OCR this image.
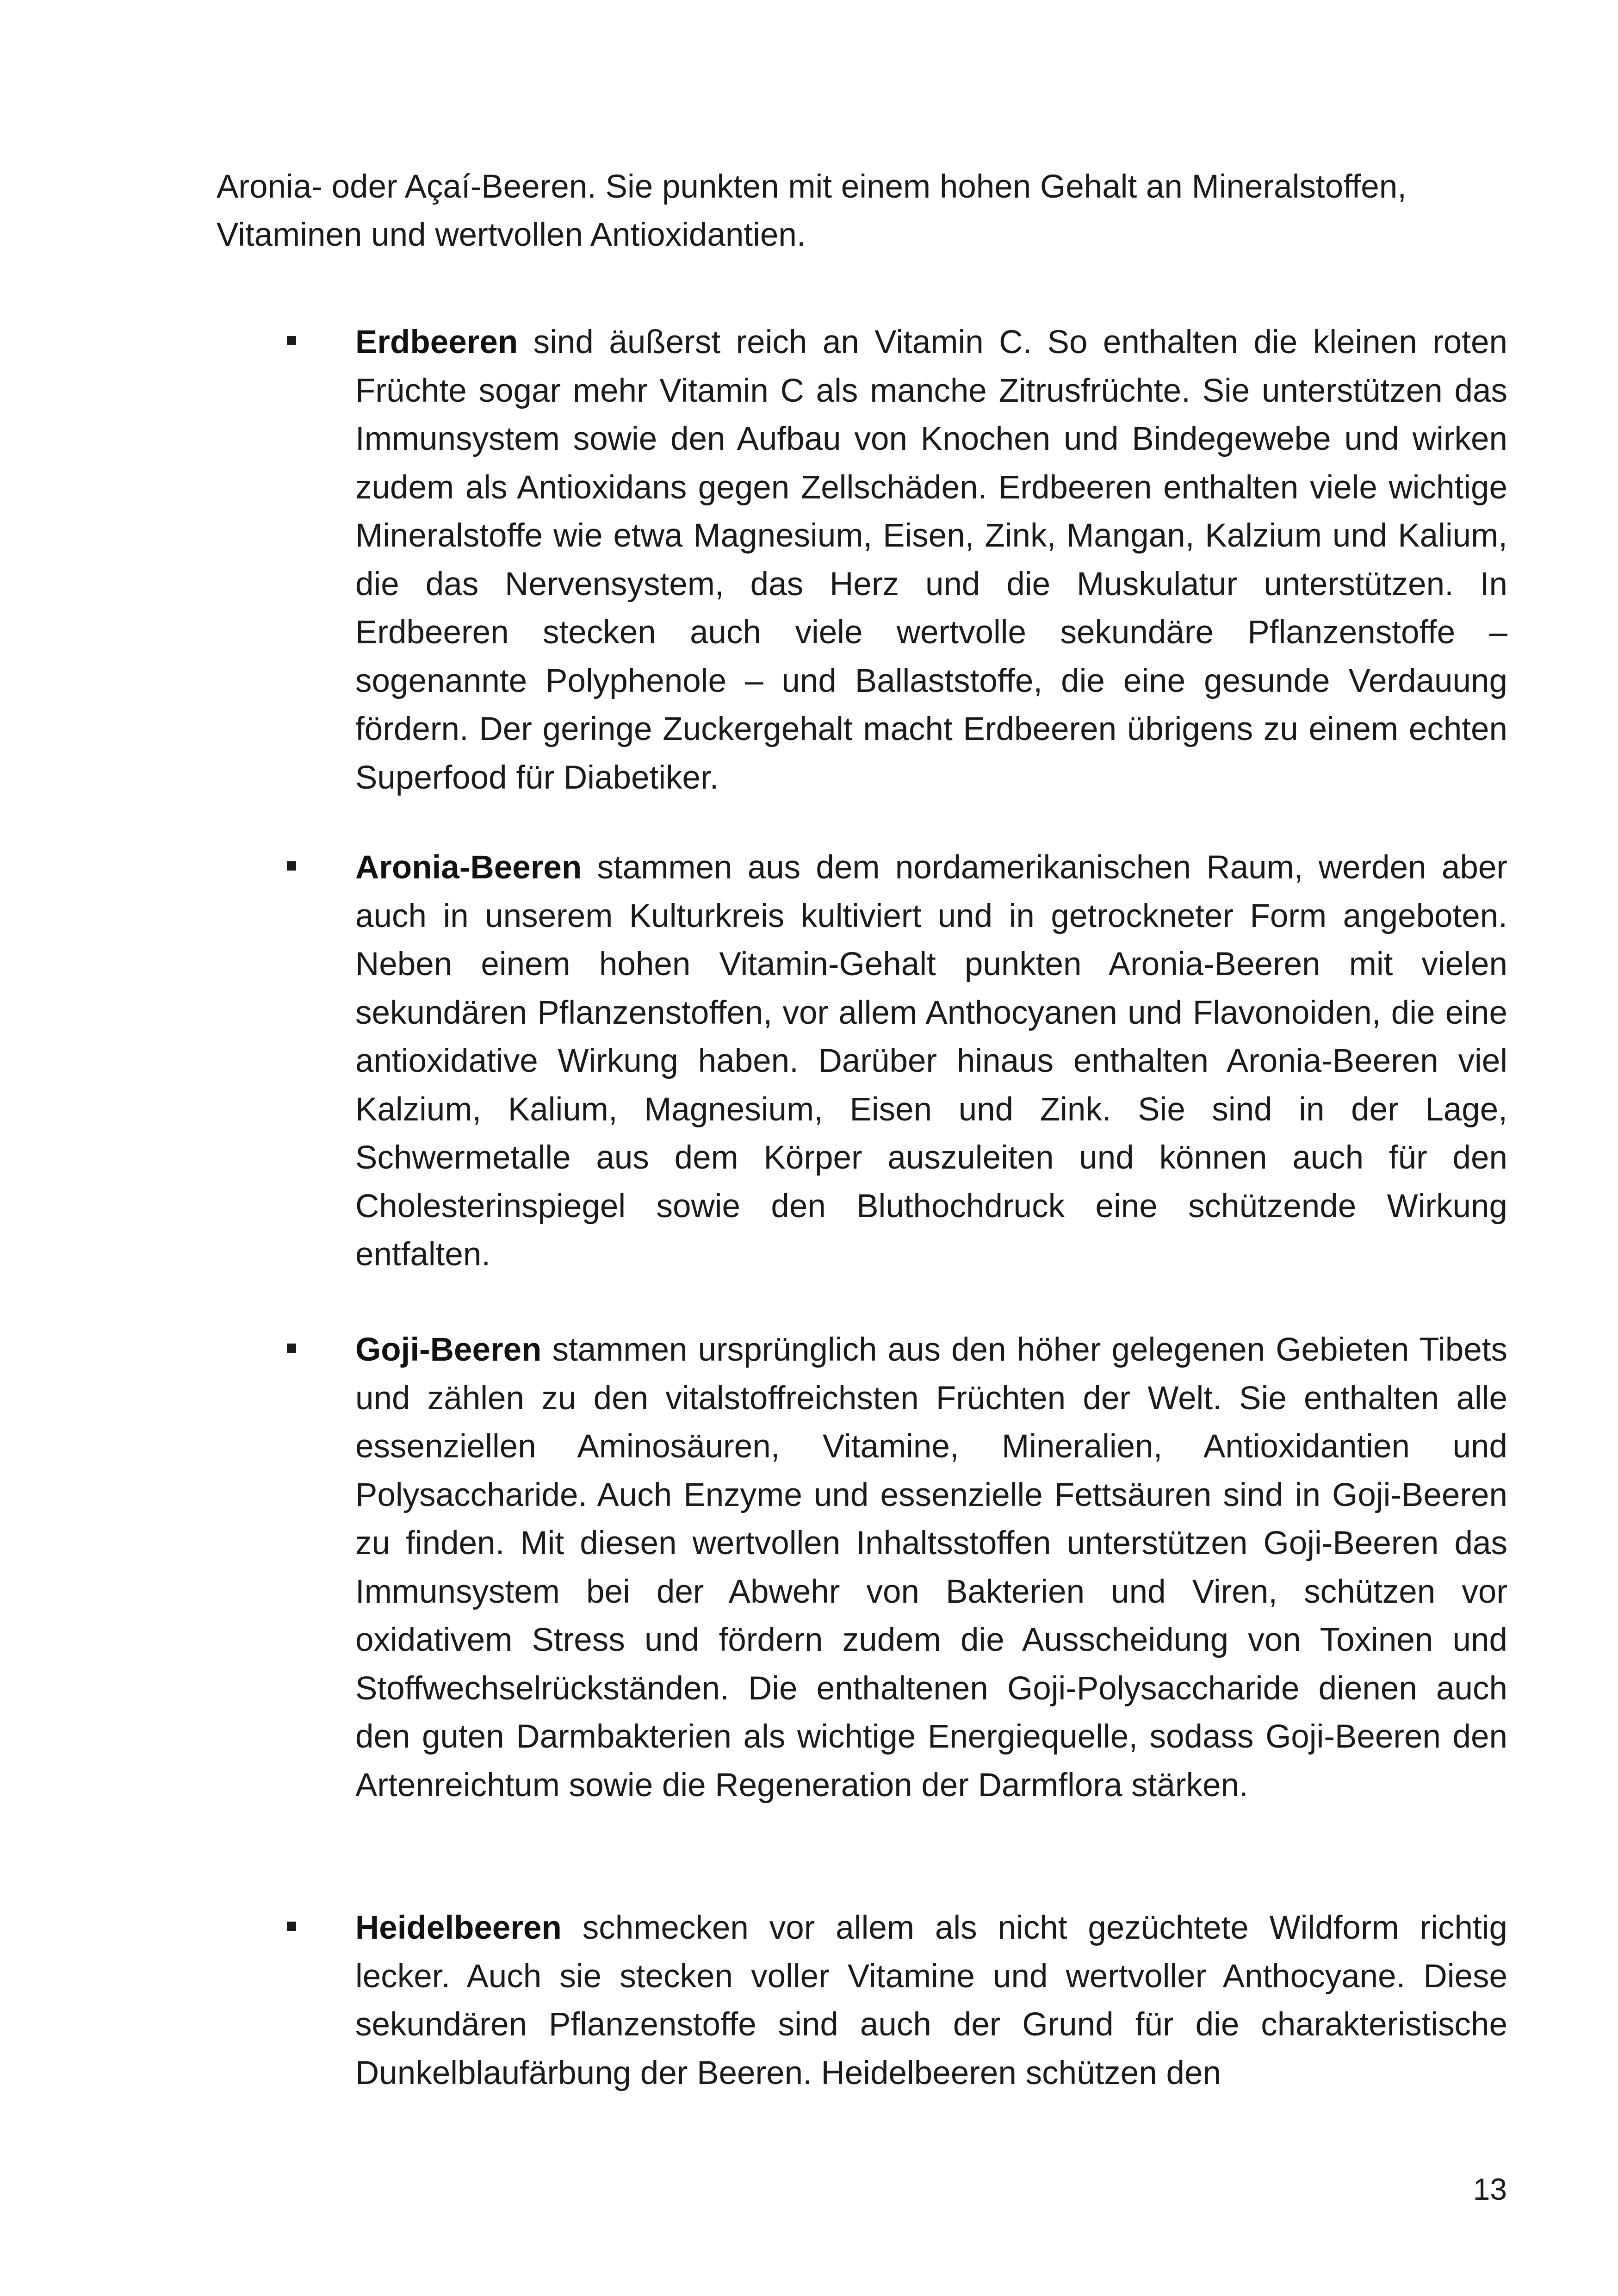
Aronia- oder Açaí-Beeren. Sie punkten mit einem hohen Gehalt an Mineralstoffen, Vitaminen und wertvollen Antioxidantien.

Erdbeeren sind äußerst reich an Vitamin C. So enthalten die kleinen roten Früchte sogar mehr Vitamin C als manche Zitrusfrüchte. Sie unterstützen das Immunsystem sowie den Aufbau von Knochen und Bindegewebe und wirken zudem als Antioxidans gegen Zellschäden. Erdbeeren enthalten viele wichtige Mineralstoffe wie etwa Magnesium, Eisen, Zink, Mangan, Kalzium und Kalium, die das Nervensystem, das Herz und die Muskulatur unterstützen. In Erdbeeren stecken auch viele wertvolle sekundäre Pflanzenstoffe – sogenannte Polyphenole – und Ballaststoffe, die eine gesunde Verdauung fördern. Der geringe Zuckergehalt macht Erdbeeren übrigens zu einem echten Superfood für Diabetiker.

Aronia-Beeren stammen aus dem nordamerikanischen Raum, werden aber auch in unserem Kulturkreis kultiviert und in getrockneter Form angeboten. Neben einem hohen Vitamin-Gehalt punkten Aronia-Beeren mit vielen sekundären Pflanzenstoffen, vor allem Anthocyanen und Flavonoiden, die eine antioxidative Wirkung haben. Darüber hinaus enthalten Aronia-Beeren viel Kalzium, Kalium, Magnesium, Eisen und Zink. Sie sind in der Lage, Schwermetalle aus dem Körper auszuleiten und können auch für den Cholesterinspiegel sowie den Bluthochdruck eine schützende Wirkung entfalten.

Goji-Beeren stammen ursprünglich aus den höher gelegenen Gebieten Tibets und zählen zu den vitalstoffreichsten Früchten der Welt. Sie enthalten alle essenziellen Aminosäuren, Vitamine, Mineralien, Antioxidantien und Polysaccharide. Auch Enzyme und essenzielle Fettsäuren sind in Goji-Beeren zu finden. Mit diesen wertvollen Inhaltsstoffen unterstützen Goji-Beeren das Immunsystem bei der Abwehr von Bakterien und Viren, schützen vor oxidativem Stress und fördern zudem die Ausscheidung von Toxinen und Stoffwechselrückständen. Die enthaltenen Goji-Polysaccharide dienen auch den guten Darmbakterien als wichtige Energiequelle, sodass Goji-Beeren den Artenreichtum sowie die Regeneration der Darmflora stärken.

Heidelbeeren schmecken vor allem als nicht gezüchtete Wildform richtig lecker. Auch sie stecken voller Vitamine und wertvoller Anthocyane. Diese sekundären Pflanzenstoffe sind auch der Grund für die charakteristische Dunkelblaufärbung der Beeren. Heidelbeeren schützen den

13
